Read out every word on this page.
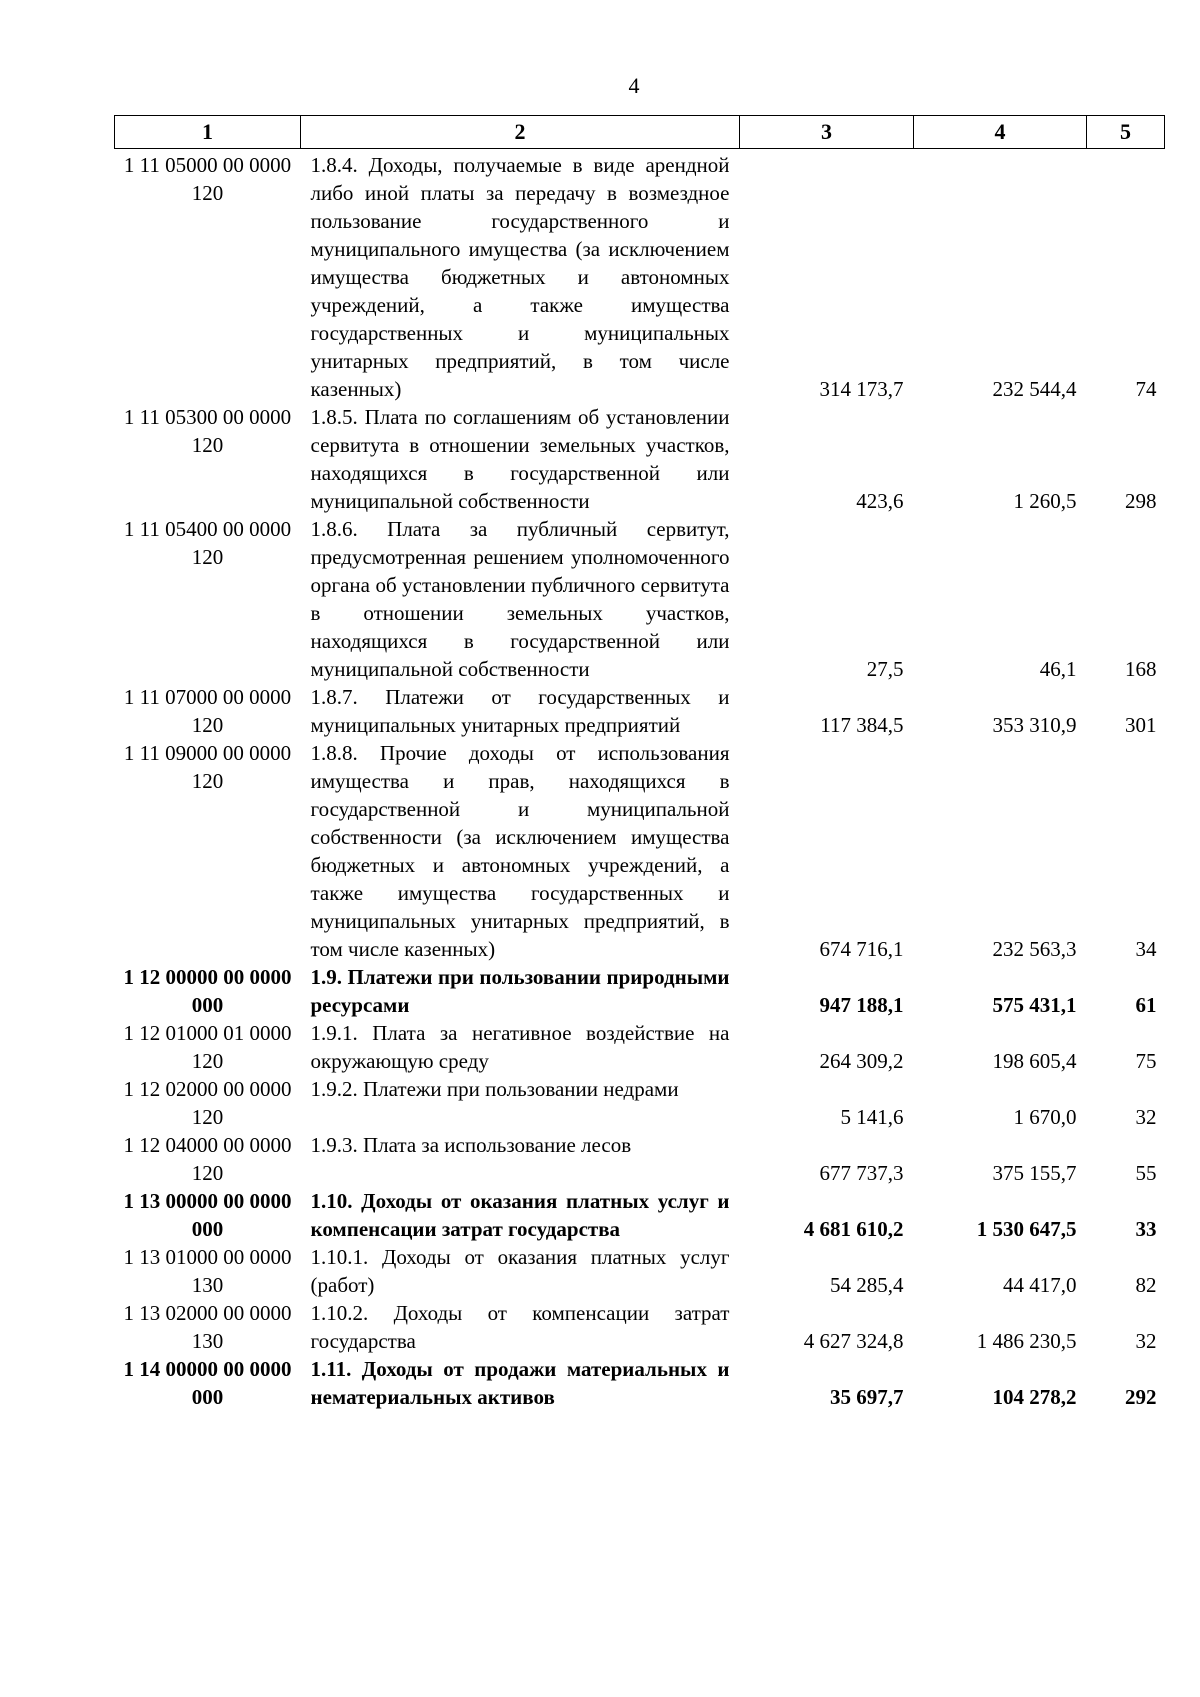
4
1	2	3	4	5
1 11 05000 00 0000 120	1.8.4. Доходы, получаемые в виде арендной либо иной платы за передачу в возмездное пользование государственного и муниципального имущества (за исключением имущества бюджетных и автономных учреждений, а также имущества государственных и муниципальных унитарных предприятий, в том числе казенных)	314 173,7	232 544,4	74
1 11 05300 00 0000 120	1.8.5. Плата по соглашениям об установлении сервитута в отношении земельных участков, находящихся в государственной или муниципальной собственности	423,6	1 260,5	298
1 11 05400 00 0000 120	1.8.6. Плата за публичный сервитут, предусмотренная решением уполномоченного органа об установлении публичного сервитута в отношении земельных участков, находящихся в государственной или муниципальной собственности	27,5	46,1	168
1 11 07000 00 0000 120	1.8.7. Платежи от государственных и муниципальных унитарных предприятий	117 384,5	353 310,9	301
1 11 09000 00 0000 120	1.8.8. Прочие доходы от использования имущества и прав, находящихся в государственной и муниципальной собственности (за исключением имущества бюджетных и автономных учреждений, а также имущества государственных и муниципальных унитарных предприятий, в том числе казенных)	674 716,1	232 563,3	34
1 12 00000 00 0000 000	1.9. Платежи при пользовании природными ресурсами	947 188,1	575 431,1	61
1 12 01000 01 0000 120	1.9.1. Плата за негативное воздействие на окружающую среду	264 309,2	198 605,4	75
1 12 02000 00 0000 120	1.9.2. Платежи при пользовании недрами	5 141,6	1 670,0	32
1 12 04000 00 0000 120	1.9.3. Плата за использование лесов	677 737,3	375 155,7	55
1 13 00000 00 0000 000	1.10. Доходы от оказания платных услуг и компенсации затрат государства	4 681 610,2	1 530 647,5	33
1 13 01000 00 0000 130	1.10.1. Доходы от оказания платных услуг (работ)	54 285,4	44 417,0	82
1 13 02000 00 0000 130	1.10.2. Доходы от компенсации затрат государства	4 627 324,8	1 486 230,5	32
1 14 00000 00 0000 000	1.11. Доходы от продажи материальных и нематериальных активов	35 697,7	104 278,2	292
